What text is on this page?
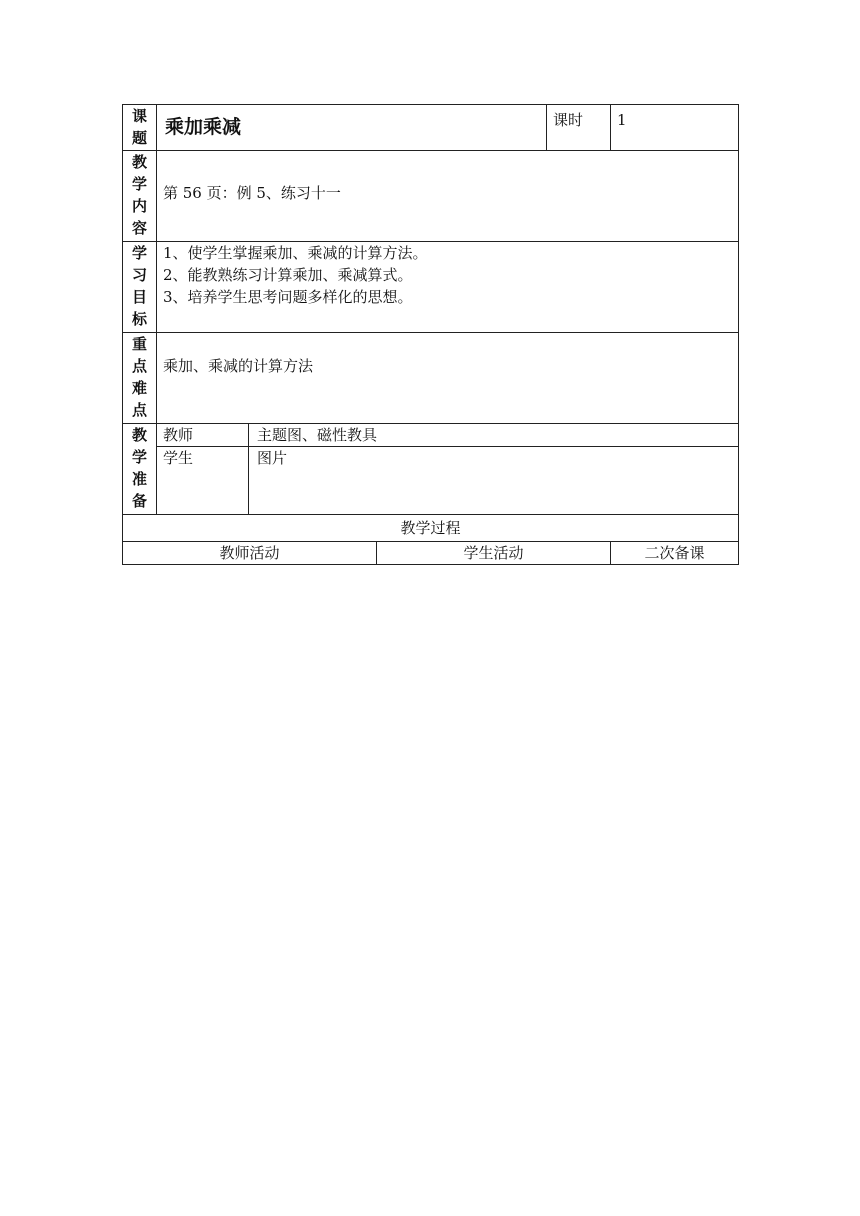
课
题	乘加乘减			课时	1

教
学
内
容	第 56 页：例 5、练习十一				

学
习
目
标	1、使学生掌握乘加、乘减的计算方法。
2、能教熟练习计算乘加、乘减算式。
3、培养学生思考问题多样化的思想。				

重
点
难
点	乘加、乘减的计算方法				

教
学
准
备	教师	主题图、磁性教具			
	学生	图片			
教学过程					
教师活动			学生活动		二次备课
